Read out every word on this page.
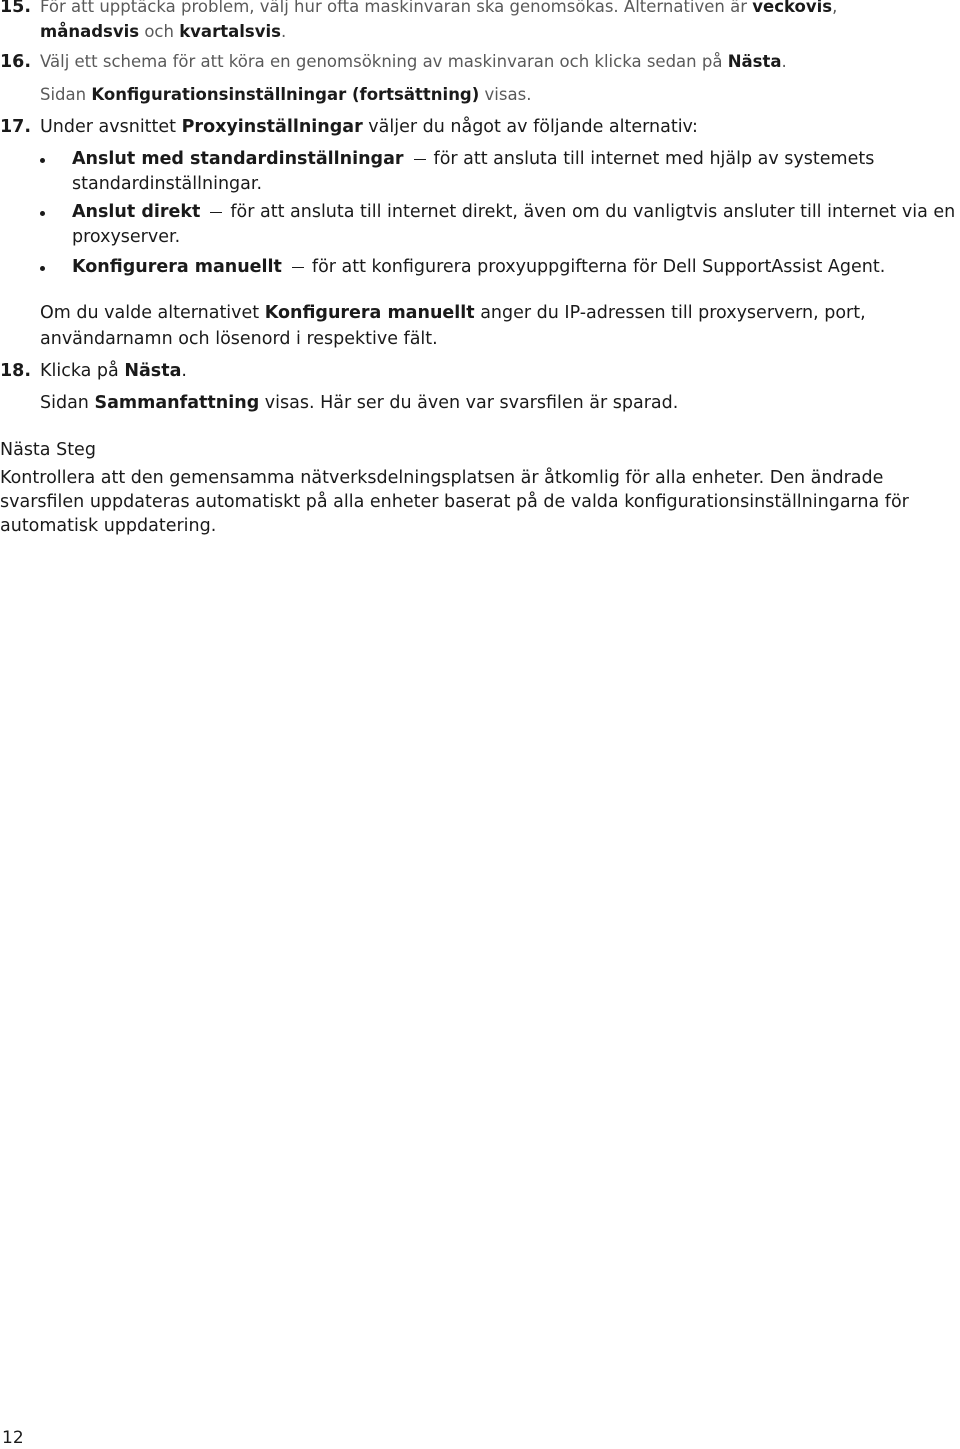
15. För att upptäcka problem, välj hur ofta maskinvaran ska genomsökas. Alternativen är veckovis,
månadsvis och kvartalsvis.
16. Välj ett schema för att köra en genomsökning av maskinvaran och klicka sedan på Nästa.
Sidan Konfigurationsinställningar (fortsättning) visas.
17. Under avsnittet Proxyinställningar väljer du något av följande alternativ:
Anslut med standardinställningar för att ansluta till internet med hjälp av systemets standardinställningar.
Anslut direkt för att ansluta till internet direkt, även om du vanligtvis ansluter till internet via en proxyserver.
Konfigurera manuellt för att konfigurera proxyuppgifterna för Dell SupportAssist Agent.
Om du valde alternativet Konfigurera manuellt anger du IP-adressen till proxyservern, port, användarnamn och lösenord i respektive fält.
18. Klicka på Nästa.
Sidan Sammanfattning visas. Här ser du även var svarsfilen är sparad.
Nästa Steg
Kontrollera att den gemensamma nätverksdelningsplatsen är åtkomlig för alla enheter. Den ändrade svarsfilen uppdateras automatiskt på alla enheter baserat på de valda konfigurationsinställningarna för automatisk uppdatering.
12
